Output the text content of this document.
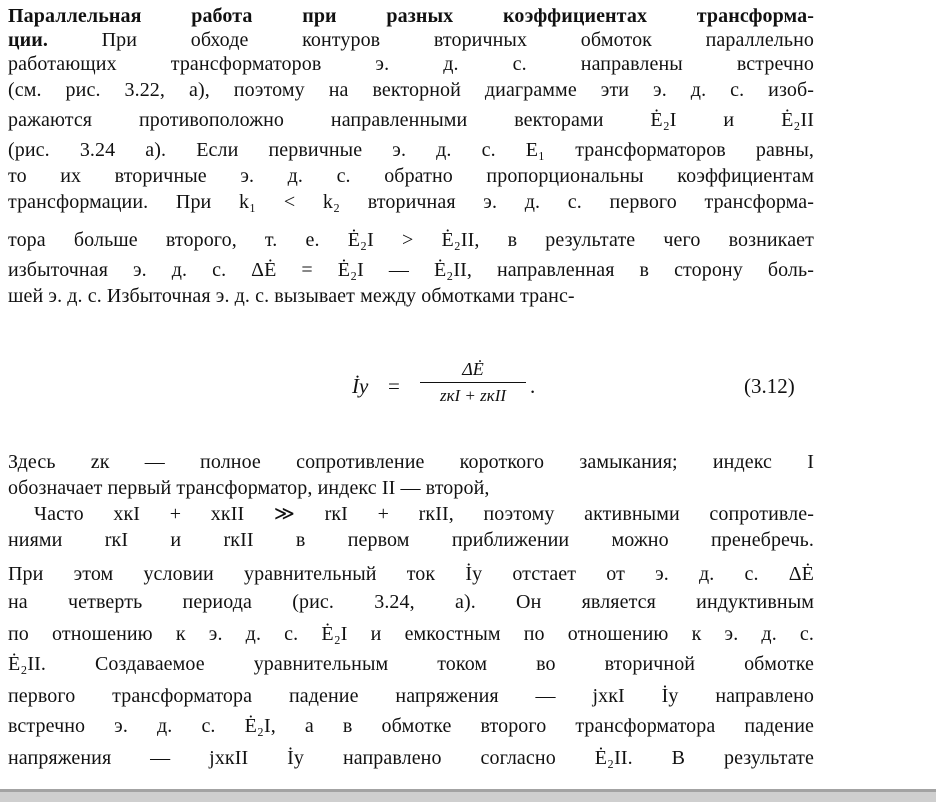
Параллельная работа при разных коэффициентах трансформа-
ции. При обходе контуров вторичных обмоток параллельно
работающих трансформаторов э. д. с. направлены встречно
(см. рис. 3.22, а), поэтому на векторной диаграмме эти э. д. с. изоб-
ражаются противоположно направленными векторами Ė₂I и Ė₂II
(рис. 3.24 а). Если первичные э. д. с. E₁ трансформаторов равны,
то их вторичные э. д. с. обратно пропорциональны коэффициентам
трансформации. При k₁ < k₂ вторичная э. д. с. первого трансформа-
тора больше второго, т. е. Ė₂I > Ė₂II, в результате чего возникает
избыточная э. д. с. ΔĖ = Ė₂I — Ė₂II, направленная в сторону боль-
шей э. д. с. Избыточная э. д. с. вызывает между обмотками транс-
İу =
ΔĖ
zкI + zкII	.	(3.12)
Здесь zк — полное сопротивление короткого замыкания; индекс I
обозначает первый трансформатор, индекс II — второй,
Часто xкI + xкII ≫ rкI + rкII, поэтому активными сопротивле-
ниями rкI и rкII в первом приближении можно пренебречь.
При этом условии уравнительный ток İу отстает от э. д. с. ΔĖ
на четверть периода (рис. 3.24, а). Он является индуктивным
по отношению к э. д. с. Ė₂I и емкостным по отношению к э. д. с.
Ė₂II. Создаваемое уравнительным током во вторичной обмотке
первого трансформатора падение напряжения — jxкI İу направлено
встречно э. д. с. Ė₂I, а в обмотке второго трансформатора падение
напряжения — jxкII İу направлено согласно Ė₂II. В результате
